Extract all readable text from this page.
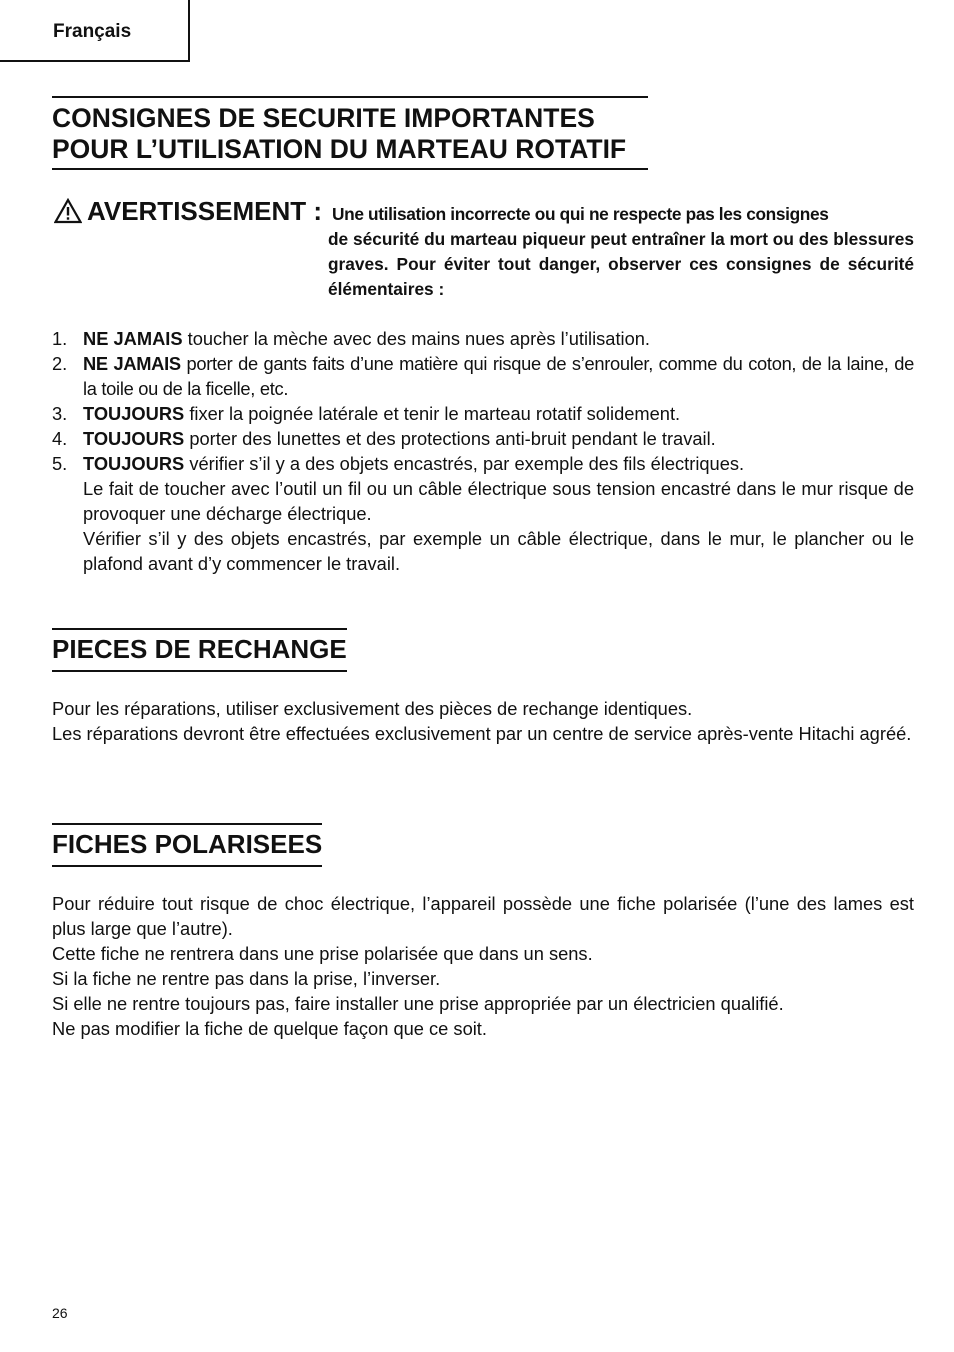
Français
CONSIGNES DE SECURITE IMPORTANTES
POUR L’UTILISATION DU MARTEAU ROTATIF
AVERTISSEMENT : Une utilisation incorrecte ou qui ne respecte pas les consignes
de sécurité du marteau piqueur peut entraîner la mort ou des blessures graves. Pour éviter tout danger, observer ces consignes de sécurité élémentaires :
1. NE JAMAIS toucher la mèche avec des mains nues après l’utilisation.
2. NE JAMAIS porter de gants faits d’une matière qui risque de s’enrouler, comme du coton, de la laine, de la toile ou de la ficelle, etc.
3. TOUJOURS fixer la poignée latérale et tenir le marteau rotatif solidement.
4. TOUJOURS porter des lunettes et des protections anti-bruit pendant le travail.
5. TOUJOURS vérifier s’il y a des objets encastrés, par exemple des fils électriques.
Le fait de toucher avec l’outil un fil ou un câble électrique sous tension encastré dans le mur risque de provoquer une décharge électrique.
Vérifier s’il y des objets encastrés, par exemple un câble électrique, dans le mur, le plancher ou le plafond avant d’y commencer le travail.
PIECES DE RECHANGE
Pour les réparations, utiliser exclusivement des pièces de rechange identiques.
Les réparations devront être effectuées exclusivement par un centre de service après-vente Hitachi agréé.
FICHES POLARISEES
Pour réduire tout risque de choc électrique, l’appareil possède une fiche polarisée (l’une des lames est plus large que l’autre).
Cette fiche ne rentrera dans une prise polarisée que dans un sens.
Si la fiche ne rentre pas dans la prise, l’inverser.
Si elle ne rentre toujours pas, faire installer une prise appropriée par un électricien qualifié.
Ne pas modifier la fiche de quelque façon que ce soit.
26
